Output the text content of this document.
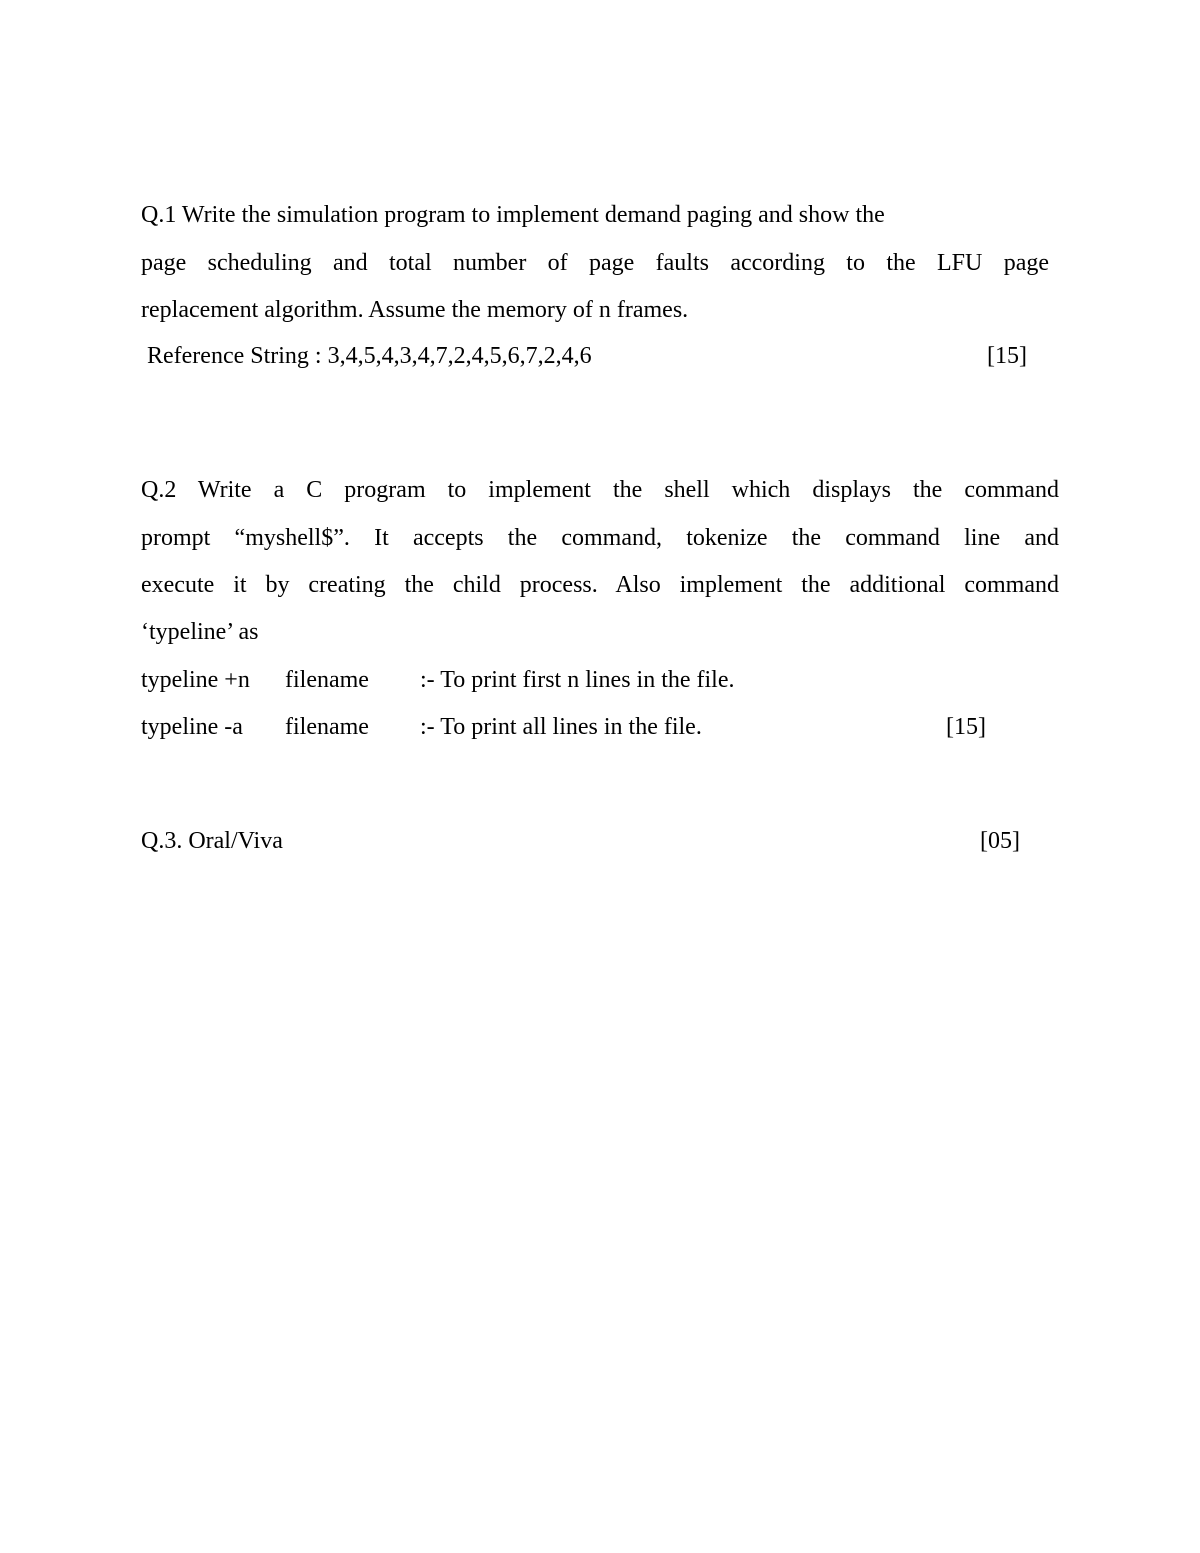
Q.1 Write the simulation program to implement demand paging and show the
page scheduling and total number of page faults according to the LFU page
replacement algorithm. Assume the memory of n frames.
Reference String : 3,4,5,4,3,4,7,2,4,5,6,7,2,4,6	[15]
Q.2 Write a C program to implement the shell which displays the command
prompt “myshell$”. It accepts the command, tokenize the command line and
execute it by creating the child process. Also implement the additional command
‘typeline’ as
typeline +n filename :- To print first n lines in the file.
typeline -a filename :- To print all lines in the file.	[15]
Q.3. Oral/Viva	[05]
